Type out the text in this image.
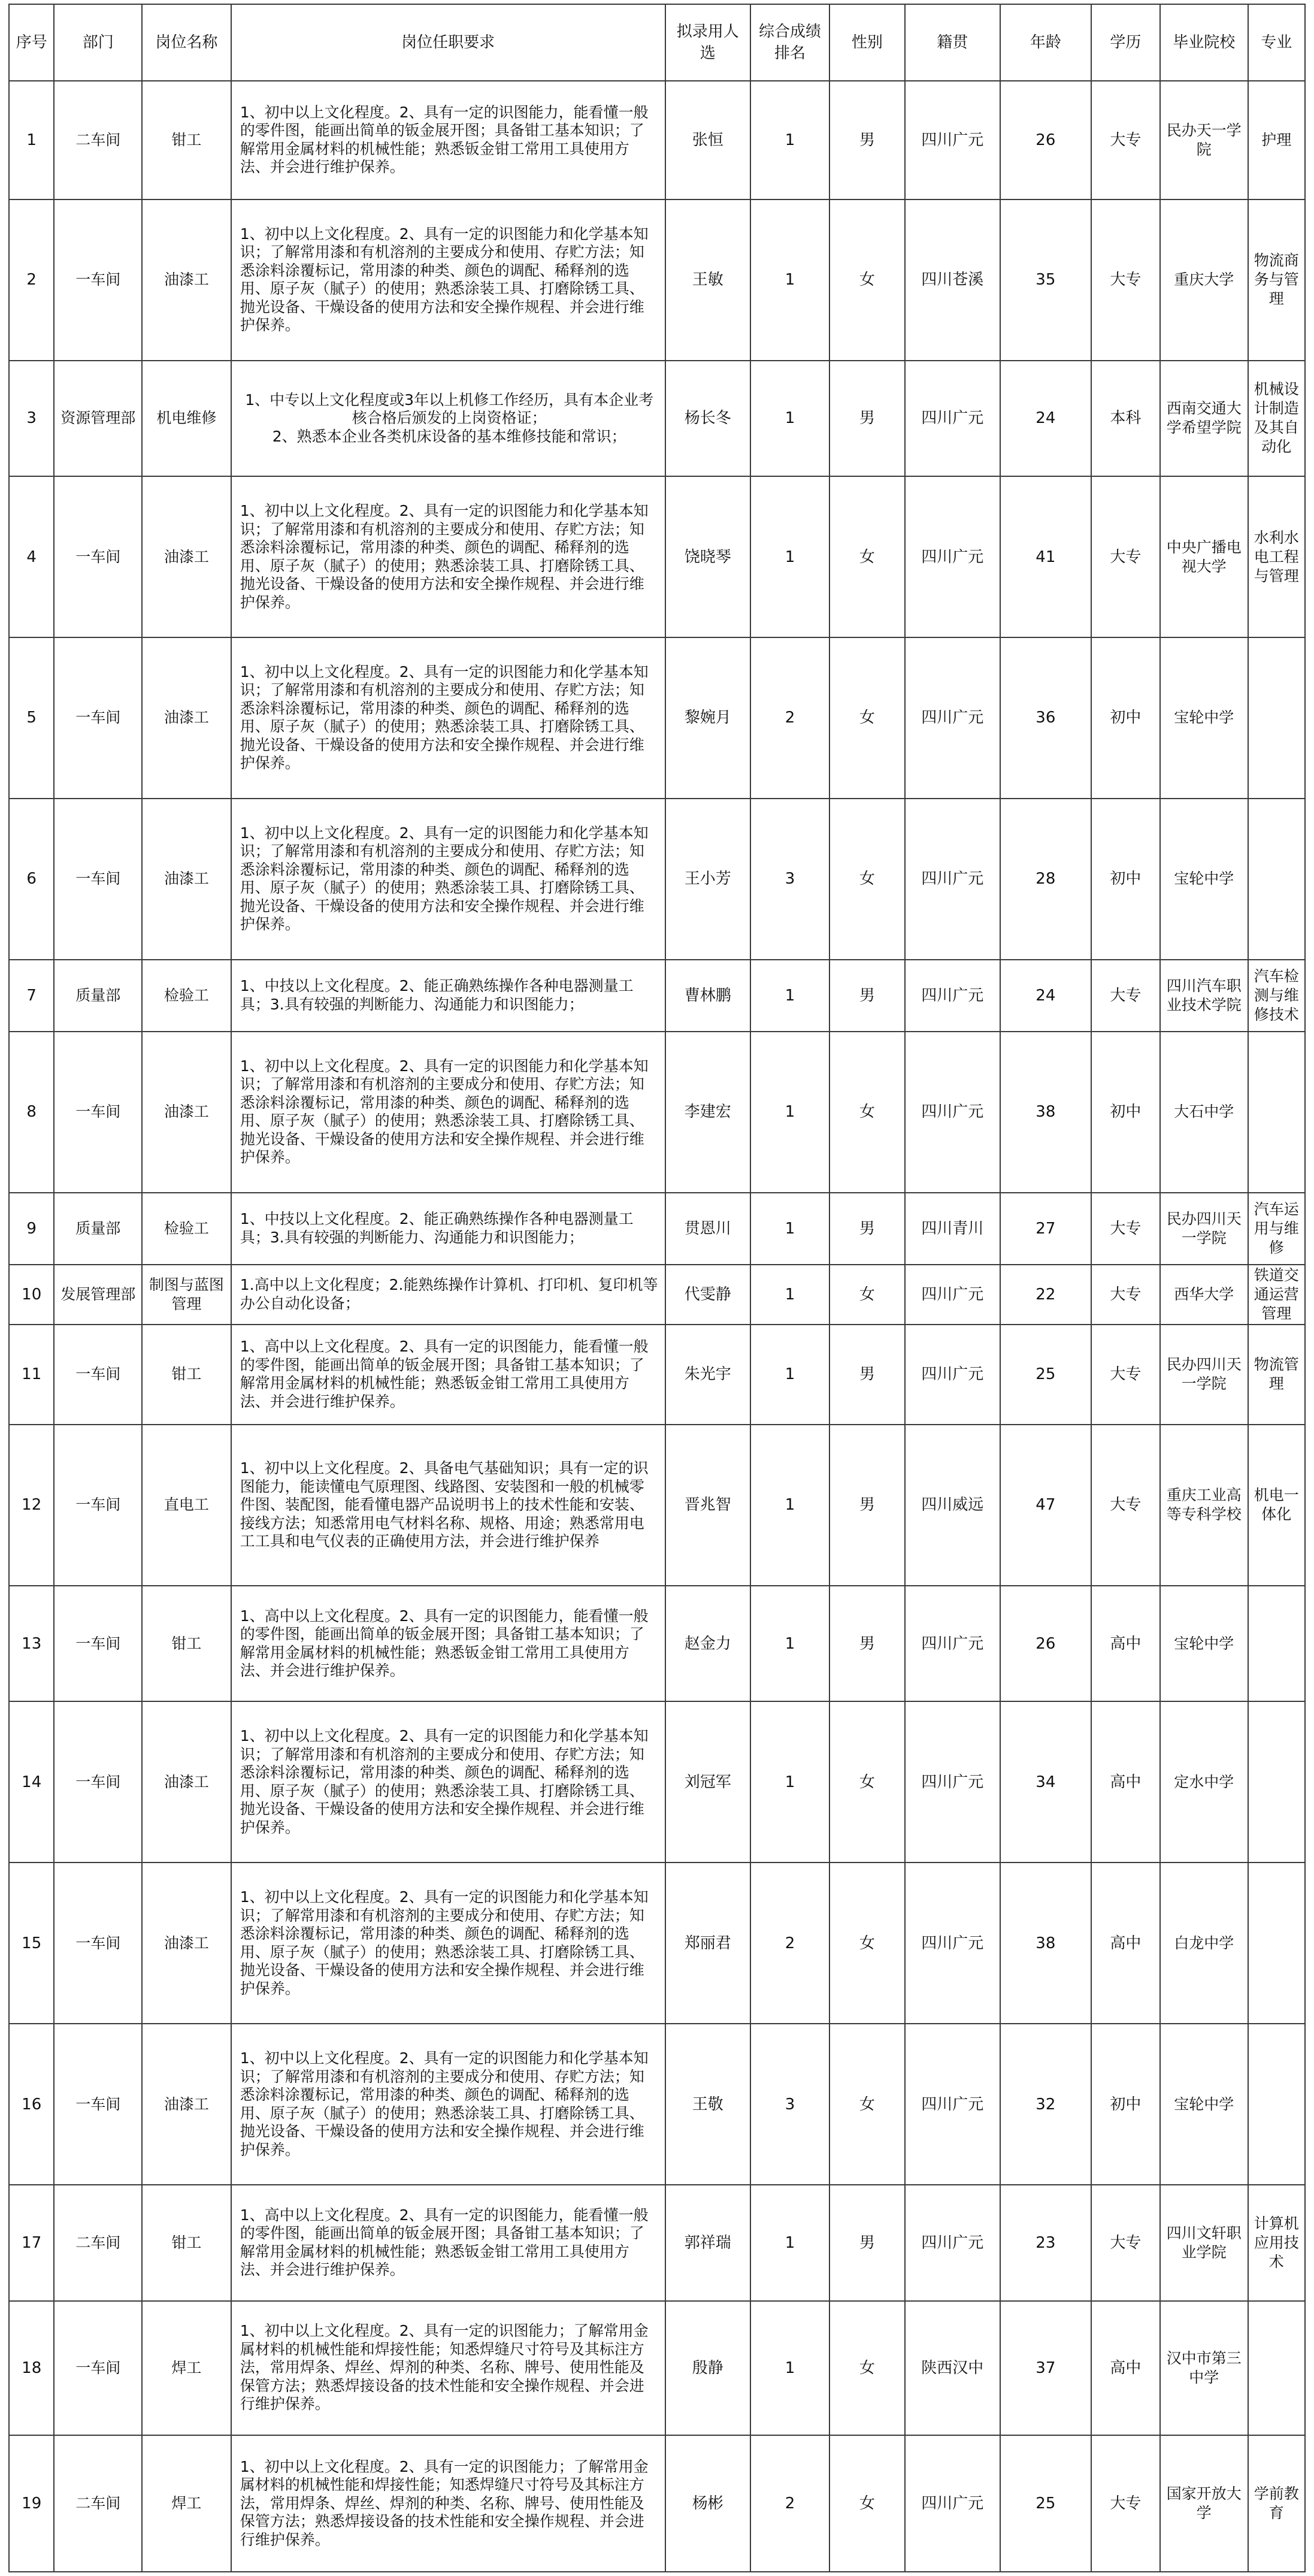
序号	部门	岗位名称	岗位任职要求	拟录用人选	综合成绩排名	性别	籍贯	年龄	学历	毕业院校	专业
1	二车间	钳工	1、初中以上文化程度。2、具有一定的识图能力，能看懂一般的零件图，能画出简单的钣金展开图；具备钳工基本知识；了解常用金属材料的机械性能；熟悉钣金钳工常用工具使用方法、并会进行维护保养。	张恒	1	男	四川广元	26	大专	民办天一学院	护理
2	一车间	油漆工	1、初中以上文化程度。2、具有一定的识图能力和化学基本知识；了解常用漆和有机溶剂的主要成分和使用、存贮方法；知悉涂料涂覆标记，常用漆的种类、颜色的调配、稀释剂的选用、原子灰（腻子）的使用；熟悉涂装工具、打磨除锈工具、抛光设备、干燥设备的使用方法和安全操作规程、并会进行维护保养。	王敏	1	女	四川苍溪	35	大专	重庆大学	物流商务与管理
3	资源管理部	机电维修	1、中专以上文化程度或3年以上机修工作经历，具有本企业考核合格后颁发的上岗资格证；
2、熟悉本企业各类机床设备的基本维修技能和常识；	杨长冬	1	男	四川广元	24	本科	西南交通大学希望学院	机械设计制造及其自动化
4	一车间	油漆工	1、初中以上文化程度。2、具有一定的识图能力和化学基本知识；了解常用漆和有机溶剂的主要成分和使用、存贮方法；知悉涂料涂覆标记，常用漆的种类、颜色的调配、稀释剂的选用、原子灰（腻子）的使用；熟悉涂装工具、打磨除锈工具、抛光设备、干燥设备的使用方法和安全操作规程、并会进行维护保养。	饶晓琴	1	女	四川广元	41	大专	中央广播电视大学	水利水电工程与管理
5	一车间	油漆工	1、初中以上文化程度。2、具有一定的识图能力和化学基本知识；了解常用漆和有机溶剂的主要成分和使用、存贮方法；知悉涂料涂覆标记，常用漆的种类、颜色的调配、稀释剂的选用、原子灰（腻子）的使用；熟悉涂装工具、打磨除锈工具、抛光设备、干燥设备的使用方法和安全操作规程、并会进行维护保养。	黎婉月	2	女	四川广元	36	初中	宝轮中学	
6	一车间	油漆工	1、初中以上文化程度。2、具有一定的识图能力和化学基本知识；了解常用漆和有机溶剂的主要成分和使用、存贮方法；知悉涂料涂覆标记，常用漆的种类、颜色的调配、稀释剂的选用、原子灰（腻子）的使用；熟悉涂装工具、打磨除锈工具、抛光设备、干燥设备的使用方法和安全操作规程、并会进行维护保养。	王小芳	3	女	四川广元	28	初中	宝轮中学	
7	质量部	检验工	1、中技以上文化程度。2、能正确熟练操作各种电器测量工具；3.具有较强的判断能力、沟通能力和识图能力；	曹林鹏	1	男	四川广元	24	大专	四川汽车职业技术学院	汽车检测与维修技术
8	一车间	油漆工	1、初中以上文化程度。2、具有一定的识图能力和化学基本知识；了解常用漆和有机溶剂的主要成分和使用、存贮方法；知悉涂料涂覆标记，常用漆的种类、颜色的调配、稀释剂的选用、原子灰（腻子）的使用；熟悉涂装工具、打磨除锈工具、抛光设备、干燥设备的使用方法和安全操作规程、并会进行维护保养。	李建宏	1	女	四川广元	38	初中	大石中学	
9	质量部	检验工	1、中技以上文化程度。2、能正确熟练操作各种电器测量工具；3.具有较强的判断能力、沟通能力和识图能力；	贯恩川	1	男	四川青川	27	大专	民办四川天一学院	汽车运用与维修
10	发展管理部	制图与蓝图管理	1.高中以上文化程度；2.能熟练操作计算机、打印机、复印机等办公自动化设备；	代雯静	1	女	四川广元	22	大专	西华大学	铁道交通运营管理
11	一车间	钳工	1、高中以上文化程度。2、具有一定的识图能力，能看懂一般的零件图，能画出简单的钣金展开图；具备钳工基本知识；了解常用金属材料的机械性能；熟悉钣金钳工常用工具使用方法、并会进行维护保养。	朱光宇	1	男	四川广元	25	大专	民办四川天一学院	物流管理
12	一车间	直电工	1、初中以上文化程度。2、具备电气基础知识；具有一定的识图能力，能读懂电气原理图、线路图、安装图和一般的机械零件图、装配图，能看懂电器产品说明书上的技术性能和安装、接线方法；知悉常用电气材料名称、规格、用途；熟悉常用电工工具和电气仪表的正确使用方法，并会进行维护保养	晋兆智	1	男	四川威远	47	大专	重庆工业高等专科学校	机电一体化
13	一车间	钳工	1、高中以上文化程度。2、具有一定的识图能力，能看懂一般的零件图，能画出简单的钣金展开图；具备钳工基本知识；了解常用金属材料的机械性能；熟悉钣金钳工常用工具使用方法、并会进行维护保养。	赵金力	1	男	四川广元	26	高中	宝轮中学	
14	一车间	油漆工	1、初中以上文化程度。2、具有一定的识图能力和化学基本知识；了解常用漆和有机溶剂的主要成分和使用、存贮方法；知悉涂料涂覆标记，常用漆的种类、颜色的调配、稀释剂的选用、原子灰（腻子）的使用；熟悉涂装工具、打磨除锈工具、抛光设备、干燥设备的使用方法和安全操作规程、并会进行维护保养。	刘冠军	1	女	四川广元	34	高中	定水中学	
15	一车间	油漆工	1、初中以上文化程度。2、具有一定的识图能力和化学基本知识；了解常用漆和有机溶剂的主要成分和使用、存贮方法；知悉涂料涂覆标记，常用漆的种类、颜色的调配、稀释剂的选用、原子灰（腻子）的使用；熟悉涂装工具、打磨除锈工具、抛光设备、干燥设备的使用方法和安全操作规程、并会进行维护保养。	郑丽君	2	女	四川广元	38	高中	白龙中学	
16	一车间	油漆工	1、初中以上文化程度。2、具有一定的识图能力和化学基本知识；了解常用漆和有机溶剂的主要成分和使用、存贮方法；知悉涂料涂覆标记，常用漆的种类、颜色的调配、稀释剂的选用、原子灰（腻子）的使用；熟悉涂装工具、打磨除锈工具、抛光设备、干燥设备的使用方法和安全操作规程、并会进行维护保养。	王敬	3	女	四川广元	32	初中	宝轮中学	
17	二车间	钳工	1、高中以上文化程度。2、具有一定的识图能力，能看懂一般的零件图，能画出简单的钣金展开图；具备钳工基本知识；了解常用金属材料的机械性能；熟悉钣金钳工常用工具使用方法、并会进行维护保养。	郭祥瑞	1	男	四川广元	23	大专	四川文轩职业学院	计算机应用技术
18	一车间	焊工	1、初中以上文化程度。2、具有一定的识图能力；了解常用金属材料的机械性能和焊接性能；知悉焊缝尺寸符号及其标注方法，常用焊条、焊丝、焊剂的种类、名称、牌号、使用性能及保管方法；熟悉焊接设备的技术性能和安全操作规程、并会进行维护保养。	殷静	1	女	陕西汉中	37	高中	汉中市第三中学	
19	二车间	焊工	1、初中以上文化程度。2、具有一定的识图能力；了解常用金属材料的机械性能和焊接性能；知悉焊缝尺寸符号及其标注方法，常用焊条、焊丝、焊剂的种类、名称、牌号、使用性能及保管方法；熟悉焊接设备的技术性能和安全操作规程、并会进行维护保养。	杨彬	2	女	四川广元	25	大专	国家开放大学	学前教育
